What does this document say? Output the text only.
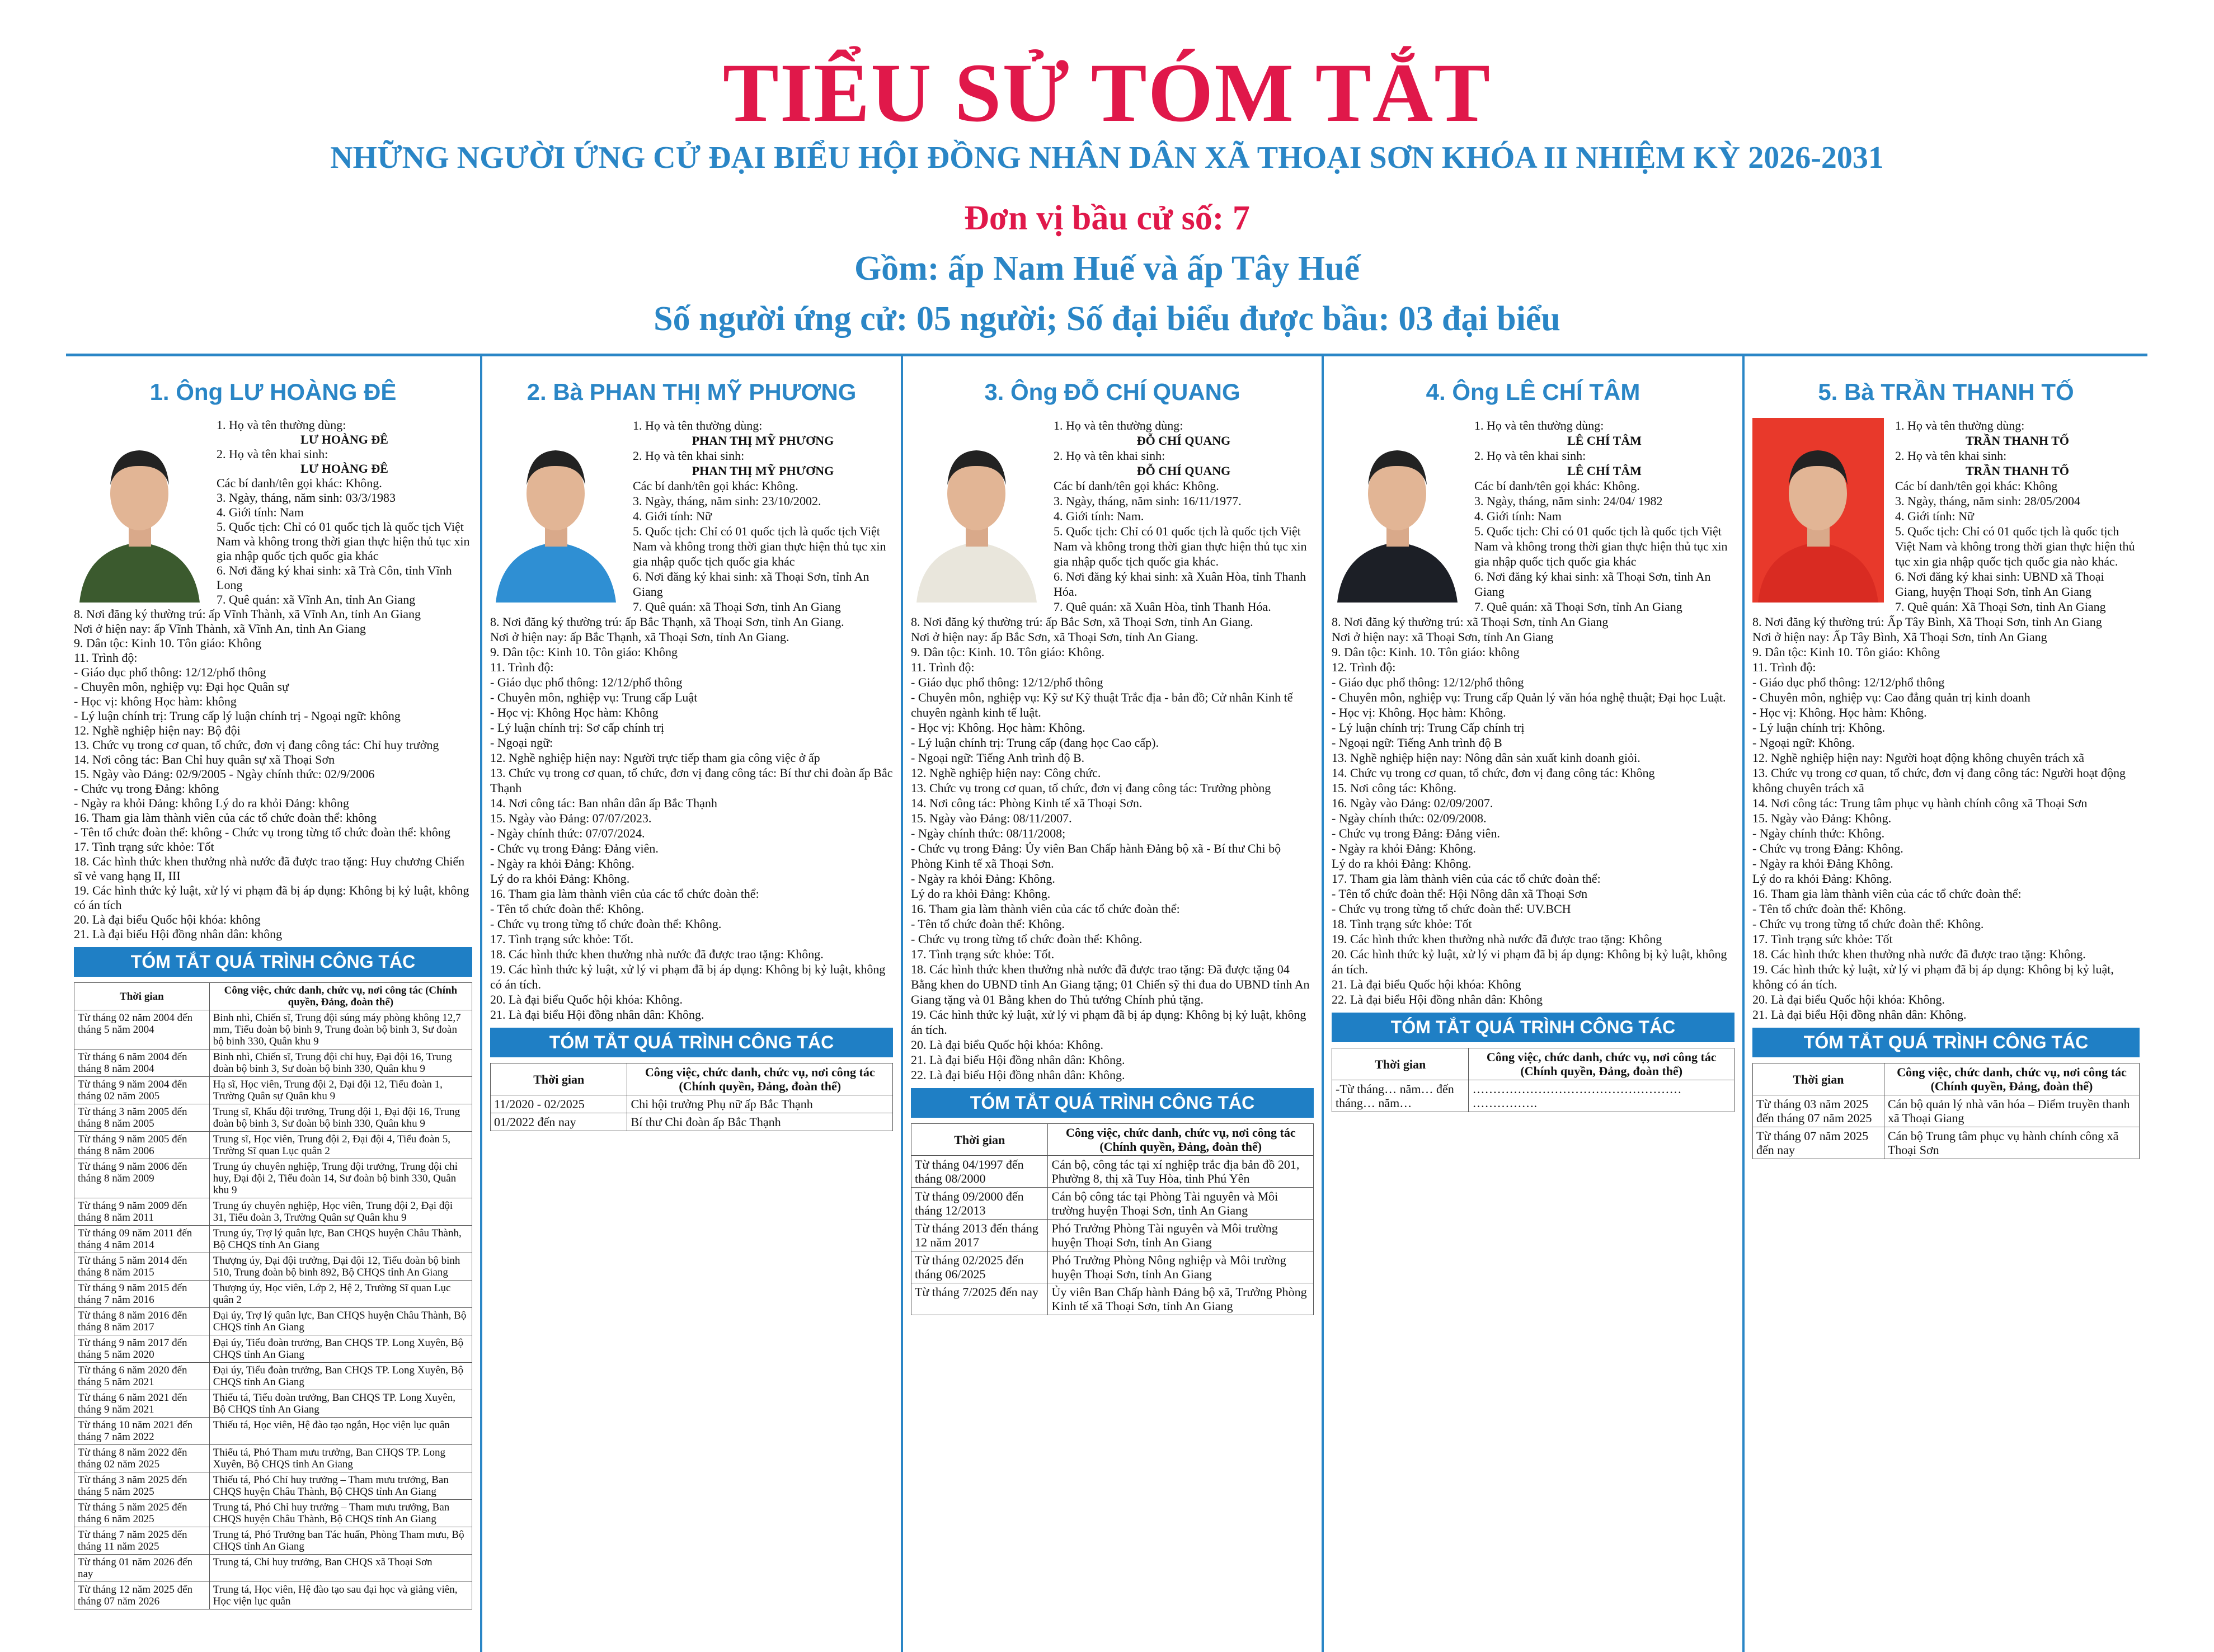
TIỂU SỬ TÓM TẮT
NHỮNG NGƯỜI ỨNG CỬ ĐẠI BIỂU HỘI ĐỒNG NHÂN DÂN XÃ THOẠI SƠN KHÓA II NHIỆM KỲ 2026-2031
Đơn vị bầu cử số: 7
Gồm: ấp Nam Huế và ấp Tây Huế
Số người ứng cử: 05 người; Số đại biểu được bầu: 03 đại biểu
1. Ông LƯ HOÀNG ĐÊ

1. Họ và tên thường dùng:

LƯ HOÀNG ĐÊ

2. Họ và tên khai sinh:

LƯ HOÀNG ĐÊ

Các bí danh/tên gọi khác: Không.

3. Ngày, tháng, năm sinh: 03/3/1983

4. Giới tính: Nam

5. Quốc tịch: Chỉ có 01 quốc tịch là quốc tịch Việt Nam và không trong thời gian thực hiện thủ tục xin gia nhập quốc tịch quốc gia khác

6. Nơi đăng ký khai sinh: xã Trà Côn, tỉnh Vĩnh Long

7. Quê quán: xã Vĩnh An, tỉnh An Giang

8. Nơi đăng ký thường trú: ấp Vĩnh Thành, xã Vĩnh An, tỉnh An Giang

Nơi ở hiện nay: ấp Vĩnh Thành, xã Vĩnh An, tỉnh An Giang

9. Dân tộc: Kinh 10. Tôn giáo: Không

11. Trình độ:

- Giáo dục phổ thông: 12/12/phổ thông

- Chuyên môn, nghiệp vụ: Đại học Quân sự

- Học vị: không Học hàm: không

- Lý luận chính trị: Trung cấp lý luận chính trị - Ngoại ngữ: không

12. Nghề nghiệp hiện nay: Bộ đội

13. Chức vụ trong cơ quan, tổ chức, đơn vị đang công tác: Chỉ huy trưởng

14. Nơi công tác: Ban Chỉ huy quân sự xã Thoại Sơn

15. Ngày vào Đảng: 02/9/2005 - Ngày chính thức: 02/9/2006

- Chức vụ trong Đảng: không

- Ngày ra khỏi Đảng: không Lý do ra khỏi Đảng: không

16. Tham gia làm thành viên của các tổ chức đoàn thể: không

- Tên tổ chức đoàn thể: không - Chức vụ trong từng tổ chức đoàn thể: không

17. Tình trạng sức khỏe: Tốt

18. Các hình thức khen thưởng nhà nước đã được trao tặng: Huy chương Chiến sĩ vẻ vang hạng II, III

19. Các hình thức kỷ luật, xử lý vi phạm đã bị áp dụng: Không bị kỷ luật, không có án tích

20. Là đại biểu Quốc hội khóa: không

21. Là đại biểu Hội đồng nhân dân: không

TÓM TẮT QUÁ TRÌNH CÔNG TÁC
Thời gian	Công việc, chức danh, chức vụ, nơi công tác (Chính quyền, Đảng, đoàn thể)
Từ tháng 02 năm 2004 đến tháng 5 năm 2004	Binh nhì, Chiến sĩ, Trung đội súng máy phòng không 12,7 mm, Tiểu đoàn bộ binh 9, Trung đoàn bộ binh 3, Sư đoàn bộ binh 330, Quân khu 9
Từ tháng 6 năm 2004 đến tháng 8 năm 2004	Binh nhì, Chiến sĩ, Trung đội chỉ huy, Đại đội 16, Trung đoàn bộ binh 3, Sư đoàn bộ binh 330, Quân khu 9
Từ tháng 9 năm 2004 đến tháng 02 năm 2005	Hạ sĩ, Học viên, Trung đội 2, Đại đội 12, Tiểu đoàn 1, Trường Quân sự Quân khu 9
Từ tháng 3 năm 2005 đến tháng 8 năm 2005	Trung sĩ, Khẩu đội trưởng, Trung đội 1, Đại đội 16, Trung đoàn bộ binh 3, Sư đoàn bộ binh 330, Quân khu 9
Từ tháng 9 năm 2005 đến tháng 8 năm 2006	Trung sĩ, Học viên, Trung đội 2, Đại đội 4, Tiểu đoàn 5, Trường Sĩ quan Lục quân 2
Từ tháng 9 năm 2006 đến tháng 8 năm 2009	Trung úy chuyên nghiệp, Trung đội trưởng, Trung đội chỉ huy, Đại đội 2, Tiểu đoàn 14, Sư đoàn bộ binh 330, Quân khu 9
Từ tháng 9 năm 2009 đến tháng 8 năm 2011	Trung úy chuyên nghiệp, Học viên, Trung đội 2, Đại đội 31, Tiểu đoàn 3, Trường Quân sự Quân khu 9
Từ tháng 09 năm 2011 đến tháng 4 năm 2014	Trung úy, Trợ lý quân lực, Ban CHQS huyện Châu Thành, Bộ CHQS tỉnh An Giang
Từ tháng 5 năm 2014 đến tháng 8 năm 2015	Thượng úy, Đại đội trưởng, Đại đội 12, Tiểu đoàn bộ binh 510, Trung đoàn bộ binh 892, Bộ CHQS tỉnh An Giang
Từ tháng 9 năm 2015 đến tháng 7 năm 2016	Thượng úy, Học viên, Lớp 2, Hệ 2, Trường Sĩ quan Lục quân 2
Từ tháng 8 năm 2016 đến tháng 8 năm 2017	Đại úy, Trợ lý quân lực, Ban CHQS huyện Châu Thành, Bộ CHQS tỉnh An Giang
Từ tháng 9 năm 2017 đến tháng 5 năm 2020	Đại úy, Tiểu đoàn trưởng, Ban CHQS TP. Long Xuyên, Bộ CHQS tỉnh An Giang
Từ tháng 6 năm 2020 đến tháng 5 năm 2021	Đại úy, Tiểu đoàn trưởng, Ban CHQS TP. Long Xuyên, Bộ CHQS tỉnh An Giang
Từ tháng 6 năm 2021 đến tháng 9 năm 2021	Thiếu tá, Tiểu đoàn trưởng, Ban CHQS TP. Long Xuyên, Bộ CHQS tỉnh An Giang
Từ tháng 10 năm 2021 đến tháng 7 năm 2022	Thiếu tá, Học viên, Hệ đào tạo ngắn, Học viện lục quân
Từ tháng 8 năm 2022 đến tháng 02 năm 2025	Thiếu tá, Phó Tham mưu trưởng, Ban CHQS TP. Long Xuyên, Bộ CHQS tỉnh An Giang
Từ tháng 3 năm 2025 đến tháng 5 năm 2025	Thiếu tá, Phó Chỉ huy trưởng – Tham mưu trưởng, Ban CHQS huyện Châu Thành, Bộ CHQS tỉnh An Giang
Từ tháng 5 năm 2025 đến tháng 6 năm 2025	Trung tá, Phó Chỉ huy trưởng – Tham mưu trưởng, Ban CHQS huyện Châu Thành, Bộ CHQS tỉnh An Giang
Từ tháng 7 năm 2025 đến tháng 11 năm 2025	Trung tá, Phó Trưởng ban Tác huấn, Phòng Tham mưu, Bộ CHQS tỉnh An Giang
Từ tháng 01 năm 2026 đến nay	Trung tá, Chỉ huy trưởng, Ban CHQS xã Thoại Sơn
Từ tháng 12 năm 2025 đến tháng 07 năm 2026	Trung tá, Học viên, Hệ đào tạo sau đại học và giảng viên, Học viện lục quân
2. Bà PHAN THỊ MỸ PHƯƠNG

1. Họ và tên thường dùng:

PHAN THỊ MỸ PHƯƠNG

2. Họ và tên khai sinh:

PHAN THỊ MỸ PHƯƠNG

Các bí danh/tên gọi khác: Không.

3. Ngày, tháng, năm sinh: 23/10/2002.

4. Giới tính: Nữ

5. Quốc tịch: Chỉ có 01 quốc tịch là quốc tịch Việt Nam và không trong thời gian thực hiện thủ tục xin gia nhập quốc tịch quốc gia khác

6. Nơi đăng ký khai sinh: xã Thoại Sơn, tỉnh An Giang

7. Quê quán: xã Thoại Sơn, tỉnh An Giang

8. Nơi đăng ký thường trú: ấp Bắc Thạnh, xã Thoại Sơn, tỉnh An Giang.

Nơi ở hiện nay: ấp Bắc Thạnh, xã Thoại Sơn, tỉnh An Giang.

9. Dân tộc: Kinh 10. Tôn giáo: Không

11. Trình độ:

- Giáo dục phổ thông: 12/12/phổ thông

- Chuyên môn, nghiệp vụ: Trung cấp Luật

- Học vị: Không Học hàm: Không

- Lý luận chính trị: Sơ cấp chính trị

- Ngoại ngữ:

12. Nghề nghiệp hiện nay: Người trực tiếp tham gia công việc ở ấp

13. Chức vụ trong cơ quan, tổ chức, đơn vị đang công tác: Bí thư chi đoàn ấp Bắc Thạnh

14. Nơi công tác: Ban nhân dân ấp Bắc Thạnh

15. Ngày vào Đảng: 07/07/2023.

- Ngày chính thức: 07/07/2024.

- Chức vụ trong Đảng: Đảng viên.

- Ngày ra khỏi Đảng: Không.

Lý do ra khỏi Đảng: Không.

16. Tham gia làm thành viên của các tổ chức đoàn thể:

- Tên tổ chức đoàn thể: Không.

- Chức vụ trong từng tổ chức đoàn thể: Không.

17. Tình trạng sức khỏe: Tốt.

18. Các hình thức khen thưởng nhà nước đã được trao tặng: Không.

19. Các hình thức kỷ luật, xử lý vi phạm đã bị áp dụng: Không bị kỷ luật, không có án tích.

20. Là đại biểu Quốc hội khóa: Không.

21. Là đại biểu Hội đồng nhân dân: Không.

TÓM TẮT QUÁ TRÌNH CÔNG TÁC
Thời gian	Công việc, chức danh, chức vụ, nơi công tác (Chính quyền, Đảng, đoàn thể)
11/2020 - 02/2025	Chi hội trưởng Phụ nữ ấp Bắc Thạnh
01/2022 đến nay	Bí thư Chi đoàn ấp Bắc Thạnh
3. Ông ĐỖ CHÍ QUANG

1. Họ và tên thường dùng:

ĐỖ CHÍ QUANG

2. Họ và tên khai sinh:

ĐỖ CHÍ QUANG

Các bí danh/tên gọi khác: Không.

3. Ngày, tháng, năm sinh: 16/11/1977.

4. Giới tính: Nam.

5. Quốc tịch: Chỉ có 01 quốc tịch là quốc tịch Việt Nam và không trong thời gian thực hiện thủ tục xin gia nhập quốc tịch quốc gia khác.

6. Nơi đăng ký khai sinh: xã Xuân Hòa, tỉnh Thanh Hóa.

7. Quê quán: xã Xuân Hòa, tỉnh Thanh Hóa.

8. Nơi đăng ký thường trú: ấp Bắc Sơn, xã Thoại Sơn, tỉnh An Giang.

Nơi ở hiện nay: ấp Bắc Sơn, xã Thoại Sơn, tỉnh An Giang.

9. Dân tộc: Kinh. 10. Tôn giáo: Không.

11. Trình độ:

- Giáo dục phổ thông: 12/12/phổ thông

- Chuyên môn, nghiệp vụ: Kỹ sư Kỹ thuật Trắc địa - bản đồ; Cử nhân Kinh tế chuyên ngành kinh tế luật.

- Học vị: Không. Học hàm: Không.

- Lý luận chính trị: Trung cấp (đang học Cao cấp).

- Ngoại ngữ: Tiếng Anh trình độ B.

12. Nghề nghiệp hiện nay: Công chức.

13. Chức vụ trong cơ quan, tổ chức, đơn vị đang công tác: Trưởng phòng

14. Nơi công tác: Phòng Kinh tế xã Thoại Sơn.

15. Ngày vào Đảng: 08/11/2007.

- Ngày chính thức: 08/11/2008;

- Chức vụ trong Đảng: Ủy viên Ban Chấp hành Đảng bộ xã - Bí thư Chi bộ Phòng Kinh tế xã Thoại Sơn.

- Ngày ra khỏi Đảng: Không.

Lý do ra khỏi Đảng: Không.

16. Tham gia làm thành viên của các tổ chức đoàn thể:

- Tên tổ chức đoàn thể: Không.

- Chức vụ trong từng tổ chức đoàn thể: Không.

17. Tình trạng sức khỏe: Tốt.

18. Các hình thức khen thưởng nhà nước đã được trao tặng: Đã được tặng 04 Bằng khen do UBND tỉnh An Giang tặng; 01 Chiến sỹ thi đua do UBND tỉnh An Giang tặng và 01 Bằng khen do Thủ tướng Chính phủ tặng.

19. Các hình thức kỷ luật, xử lý vi phạm đã bị áp dụng: Không bị kỷ luật, không án tích.

20. Là đại biểu Quốc hội khóa: Không.

21. Là đại biểu Hội đồng nhân dân: Không.

22. Là đại biểu Hội đồng nhân dân: Không.

TÓM TẮT QUÁ TRÌNH CÔNG TÁC
Thời gian	Công việc, chức danh, chức vụ, nơi công tác (Chính quyền, Đảng, đoàn thể)
Từ tháng 04/1997 đến tháng 08/2000	Cán bộ, công tác tại xí nghiệp trắc địa bản đồ 201, Phường 8, thị xã Tuy Hòa, tỉnh Phú Yên
Từ tháng 09/2000 đến tháng 12/2013	Cán bộ công tác tại Phòng Tài nguyên và Môi trường huyện Thoại Sơn, tỉnh An Giang
Từ tháng 2013 đến tháng 12 năm 2017	Phó Trưởng Phòng Tài nguyên và Môi trường huyện Thoại Sơn, tỉnh An Giang
Từ tháng 02/2025 đến tháng 06/2025	Phó Trưởng Phòng Nông nghiệp và Môi trường huyện Thoại Sơn, tỉnh An Giang
Từ tháng 7/2025 đến nay	Ủy viên Ban Chấp hành Đảng bộ xã, Trưởng Phòng Kinh tế xã Thoại Sơn, tỉnh An Giang
4. Ông LÊ CHÍ TÂM

1. Họ và tên thường dùng:

LÊ CHÍ TÂM

2. Họ và tên khai sinh:

LÊ CHÍ TÂM

Các bí danh/tên gọi khác: Không.

3. Ngày, tháng, năm sinh: 24/04/ 1982

4. Giới tính: Nam

5. Quốc tịch: Chỉ có 01 quốc tịch là quốc tịch Việt Nam và không trong thời gian thực hiện thủ tục xin gia nhập quốc tịch quốc gia khác

6. Nơi đăng ký khai sinh: xã Thoại Sơn, tỉnh An Giang

7. Quê quán: xã Thoại Sơn, tỉnh An Giang

8. Nơi đăng ký thường trú: xã Thoại Sơn, tỉnh An Giang

Nơi ở hiện nay: xã Thoại Sơn, tỉnh An Giang

9. Dân tộc: Kinh. 10. Tôn giáo: không

12. Trình độ:

- Giáo dục phổ thông: 12/12/phổ thông

- Chuyên môn, nghiệp vụ: Trung cấp Quản lý văn hóa nghệ thuật; Đại học Luật.

- Học vị: Không. Học hàm: Không.

- Lý luận chính trị: Trung Cấp chính trị

- Ngoại ngữ: Tiếng Anh trình độ B

13. Nghề nghiệp hiện nay: Nông dân sản xuất kinh doanh giỏi.

14. Chức vụ trong cơ quan, tổ chức, đơn vị đang công tác: Không

15. Nơi công tác: Không.

16. Ngày vào Đảng: 02/09/2007.

- Ngày chính thức: 02/09/2008.

- Chức vụ trong Đảng: Đảng viên.

- Ngày ra khỏi Đảng: Không.

Lý do ra khỏi Đảng: Không.

17. Tham gia làm thành viên của các tổ chức đoàn thể:

- Tên tổ chức đoàn thể: Hội Nông dân xã Thoại Sơn

- Chức vụ trong từng tổ chức đoàn thể: UV.BCH

18. Tình trạng sức khỏe: Tốt

19. Các hình thức khen thưởng nhà nước đã được trao tặng: Không

20. Các hình thức kỷ luật, xử lý vi phạm đã bị áp dụng: Không bị kỷ luật, không án tích.

21. Là đại biểu Quốc hội khóa: Không

22. Là đại biểu Hội đồng nhân dân: Không

TÓM TẮT QUÁ TRÌNH CÔNG TÁC
Thời gian	Công việc, chức danh, chức vụ, nơi công tác (Chính quyền, Đảng, đoàn thể)
-Từ tháng… năm… đến tháng… năm…	…………………………………………… …………….
5. Bà TRẦN THANH TỐ

1. Họ và tên thường dùng:

TRẦN THANH TỐ

2. Họ và tên khai sinh:

TRẦN THANH TỐ

Các bí danh/tên gọi khác: Không

3. Ngày, tháng, năm sinh: 28/05/2004

4. Giới tính: Nữ

5. Quốc tịch: Chỉ có 01 quốc tịch là quốc tịch Việt Nam và không trong thời gian thực hiện thủ tục xin gia nhập quốc tịch quốc gia nào khác.

6. Nơi đăng ký khai sinh: UBND xã Thoại Giang, huyện Thoại Sơn, tỉnh An Giang

7. Quê quán: Xã Thoại Sơn, tỉnh An Giang

8. Nơi đăng ký thường trú: Ấp Tây Bình, Xã Thoại Sơn, tỉnh An Giang

Nơi ở hiện nay: Ấp Tây Bình, Xã Thoại Sơn, tỉnh An Giang

9. Dân tộc: Kinh 10. Tôn giáo: Không

11. Trình độ:

- Giáo dục phổ thông: 12/12/phổ thông

- Chuyên môn, nghiệp vụ: Cao đẳng quản trị kinh doanh

- Học vị: Không. Học hàm: Không.

- Lý luận chính trị: Không.

- Ngoại ngữ: Không.

12. Nghề nghiệp hiện nay: Người hoạt động không chuyên trách xã

13. Chức vụ trong cơ quan, tổ chức, đơn vị đang công tác: Người hoạt động không chuyên trách xã

14. Nơi công tác: Trung tâm phục vụ hành chính công xã Thoại Sơn

15. Ngày vào Đảng: Không.

- Ngày chính thức: Không.

- Chức vụ trong Đảng: Không.

- Ngày ra khỏi Đảng Không.

Lý do ra khỏi Đảng: Không.

16. Tham gia làm thành viên của các tổ chức đoàn thể:

- Tên tổ chức đoàn thể: Không.

- Chức vụ trong từng tổ chức đoàn thể: Không.

17. Tình trạng sức khỏe: Tốt

18. Các hình thức khen thưởng nhà nước đã được trao tặng: Không.

19. Các hình thức kỷ luật, xử lý vi phạm đã bị áp dụng: Không bị kỷ luật, không có án tích.

20. Là đại biểu Quốc hội khóa: Không.

21. Là đại biểu Hội đồng nhân dân: Không.

TÓM TẮT QUÁ TRÌNH CÔNG TÁC
Thời gian	Công việc, chức danh, chức vụ, nơi công tác (Chính quyền, Đảng, đoàn thể)
Từ tháng 03 năm 2025 đến tháng 07 năm 2025	Cán bộ quản lý nhà văn hóa – Điểm truyền thanh xã Thoại Giang
Từ tháng 07 năm 2025 đến nay	Cán bộ Trung tâm phục vụ hành chính công xã Thoại Sơn
